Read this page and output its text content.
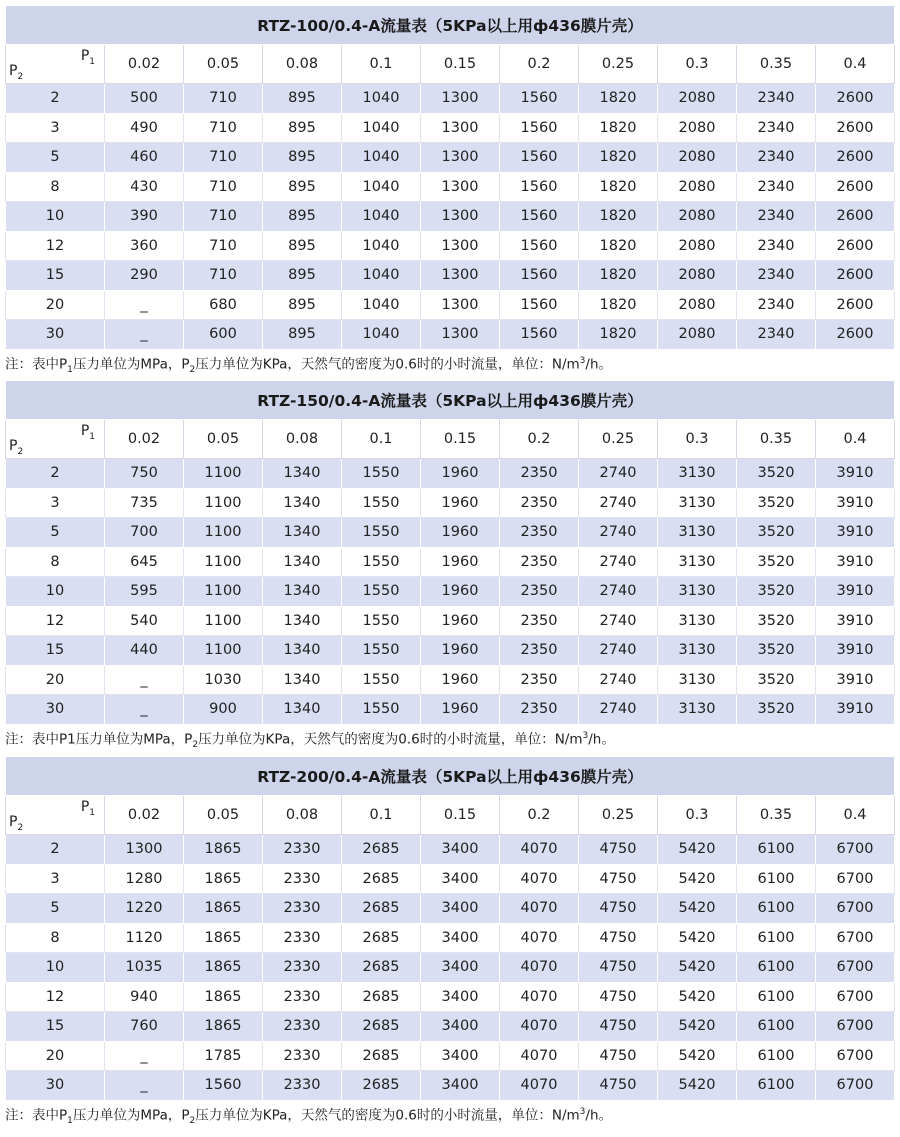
RTZ-100/0.4-A流量表（5KPa以上用ф436膜片壳）										

$P_1$
$P_2$	0.02	0.05	0.08	0.1	0.15	0.2	0.25	0.3	0.35	0.4
2	500	710	895	1040	1300	1560	1820	2080	2340	2600
3	490	710	895	1040	1300	1560	1820	2080	2340	2600
5	460	710	895	1040	1300	1560	1820	2080	2340	2600
8	430	710	895	1040	1300	1560	1820	2080	2340	2600
10	390	710	895	1040	1300	1560	1820	2080	2340	2600
12	360	710	895	1040	1300	1560	1820	2080	2340	2600
15	290	710	895	1040	1300	1560	1820	2080	2340	2600
20	_	680	895	1040	1300	1560	1820	2080	2340	2600
30	_	600	895	1040	1300	1560	1820	2080	2340	2600
注：表中$P_1$压力单位为MPa，$P_2$压力单位为KPa，天然气的密度为0.6时的小时流量，单位：$N/m^3/h$。
RTZ-150/0.4-A流量表（5KPa以上用ф436膜片壳）										

$P_1$
$P_2$	0.02	0.05	0.08	0.1	0.15	0.2	0.25	0.3	0.35	0.4
2	750	1100	1340	1550	1960	2350	2740	3130	3520	3910
3	735	1100	1340	1550	1960	2350	2740	3130	3520	3910
5	700	1100	1340	1550	1960	2350	2740	3130	3520	3910
8	645	1100	1340	1550	1960	2350	2740	3130	3520	3910
10	595	1100	1340	1550	1960	2350	2740	3130	3520	3910
12	540	1100	1340	1550	1960	2350	2740	3130	3520	3910
15	440	1100	1340	1550	1960	2350	2740	3130	3520	3910
20	_	1030	1340	1550	1960	2350	2740	3130	3520	3910
30	_	900	1340	1550	1960	2350	2740	3130	3520	3910
注：表中P1压力单位为MPa，$P_2$压力单位为KPa，天然气的密度为0.6时的小时流量，单位：$N/m^3/h$。
RTZ-200/0.4-A流量表（5KPa以上用ф436膜片壳）										

$P_1$
$P_2$	0.02	0.05	0.08	0.1	0.15	0.2	0.25	0.3	0.35	0.4
2	1300	1865	2330	2685	3400	4070	4750	5420	6100	6700
3	1280	1865	2330	2685	3400	4070	4750	5420	6100	6700
5	1220	1865	2330	2685	3400	4070	4750	5420	6100	6700
8	1120	1865	2330	2685	3400	4070	4750	5420	6100	6700
10	1035	1865	2330	2685	3400	4070	4750	5420	6100	6700
12	940	1865	2330	2685	3400	4070	4750	5420	6100	6700
15	760	1865	2330	2685	3400	4070	4750	5420	6100	6700
20	_	1785	2330	2685	3400	4070	4750	5420	6100	6700
30	_	1560	2330	2685	3400	4070	4750	5420	6100	6700
注：表中$P_1$压力单位为MPa，$P_2$压力单位为KPa，天然气的密度为0.6时的小时流量，单位：$N/m^3/h$。
